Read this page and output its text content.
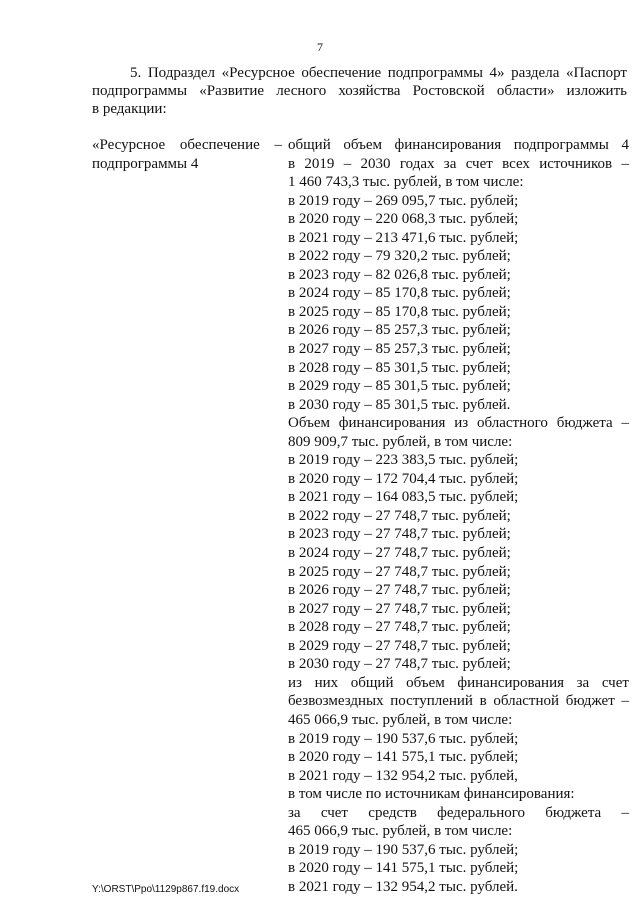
7
5. Подраздел «Ресурсное обеспечение подпрограммы 4» раздела «Паспорт
подпрограммы «Развитие лесного хозяйства Ростовской области» изложить
в редакции:
«Ресурсное обеспечение –
подпрограммы 4
общий объем финансирования подпрограммы 4
в 2019 – 2030 годах за счет всех источников –
1 460 743,3 тыс. рублей, в том числе:
в 2019 году – 269 095,7 тыс. рублей;
в 2020 году – 220 068,3 тыс. рублей;
в 2021 году – 213 471,6 тыс. рублей;
в 2022 году – 79 320,2 тыс. рублей;
в 2023 году – 82 026,8 тыс. рублей;
в 2024 году – 85 170,8 тыс. рублей;
в 2025 году – 85 170,8 тыс. рублей;
в 2026 году – 85 257,3 тыс. рублей;
в 2027 году – 85 257,3 тыс. рублей;
в 2028 году – 85 301,5 тыс. рублей;
в 2029 году – 85 301,5 тыс. рублей;
в 2030 году – 85 301,5 тыс. рублей.
Объем финансирования из областного бюджета –
809 909,7 тыс. рублей, в том числе:
в 2019 году – 223 383,5 тыс. рублей;
в 2020 году – 172 704,4 тыс. рублей;
в 2021 году – 164 083,5 тыс. рублей;
в 2022 году – 27 748,7 тыс. рублей;
в 2023 году – 27 748,7 тыс. рублей;
в 2024 году – 27 748,7 тыс. рублей;
в 2025 году – 27 748,7 тыс. рублей;
в 2026 году – 27 748,7 тыс. рублей;
в 2027 году – 27 748,7 тыс. рублей;
в 2028 году – 27 748,7 тыс. рублей;
в 2029 году – 27 748,7 тыс. рублей;
в 2030 году – 27 748,7 тыс. рублей;
из них общий объем финансирования за счет
безвозмездных поступлений в областной бюджет –
465 066,9 тыс. рублей, в том числе:
в 2019 году – 190 537,6 тыс. рублей;
в 2020 году – 141 575,1 тыс. рублей;
в 2021 году – 132 954,2 тыс. рублей,
в том числе по источникам финансирования:
за счет средств федерального бюджета –
465 066,9 тыс. рублей, в том числе:
в 2019 году – 190 537,6 тыс. рублей;
в 2020 году – 141 575,1 тыс. рублей;
в 2021 году – 132 954,2 тыс. рублей.
Y:\ORST\Ppo\1129p867.f19.docx
